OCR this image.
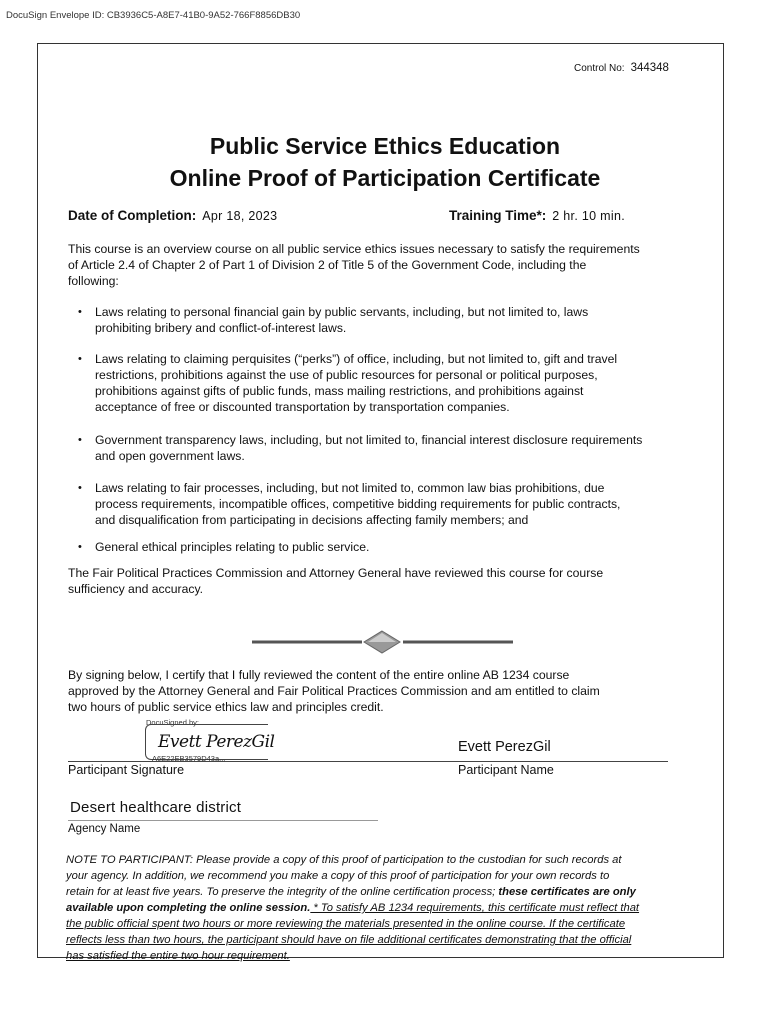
DocuSign Envelope ID: CB3936C5-A8E7-41B0-9A52-766F8856DB30
Control No: 344348
Public Service Ethics Education
Online Proof of Participation Certificate
Date of Completion: Apr 18, 2023	Training Time*: 2 hr. 10 min.
This course is an overview course on all public service ethics issues necessary to satisfy the requirements
of Article 2.4 of Chapter 2 of Part 1 of Division 2 of Title 5 of the Government Code, including the
following:
• Laws relating to personal financial gain by public servants, including, but not limited to, laws
prohibiting bribery and conflict-of-interest laws.
• Laws relating to claiming perquisites (“perks”) of office, including, but not limited to, gift and travel
restrictions, prohibitions against the use of public resources for personal or political purposes,
prohibitions against gifts of public funds, mass mailing restrictions, and prohibitions against
acceptance of free or discounted transportation by transportation companies.
• Government transparency laws, including, but not limited to, financial interest disclosure requirements
and open government laws.
• Laws relating to fair processes, including, but not limited to, common law bias prohibitions, due
process requirements, incompatible offices, competitive bidding requirements for public contracts,
and disqualification from participating in decisions affecting family members; and
• General ethical principles relating to public service.
The Fair Political Practices Commission and Attorney General have reviewed this course for course
sufficiency and accuracy.
By signing below, I certify that I fully reviewed the content of the entire online AB 1234 course
approved by the Attorney General and Fair Political Practices Commission and am entitled to claim
two hours of public service ethics law and principles credit.
DocuSigned by:
Evett PerezGil
A6E22EB3579D43a...
Evett PerezGil
Participant Signature	Participant Name
Desert healthcare district
Agency Name
NOTE TO PARTICIPANT: Please provide a copy of this proof of participation to the custodian for such records at
your agency. In addition, we recommend you make a copy of this proof of participation for your own records to
retain for at least five years. To preserve the integrity of the online certification process; these certificates are only
available upon completing the online session. * To satisfy AB 1234 requirements, this certificate must reflect that
the public official spent two hours or more reviewing the materials presented in the online course. If the certificate
reflects less than two hours, the participant should have on file additional certificates demonstrating that the official
has satisfied the entire two hour requirement.
